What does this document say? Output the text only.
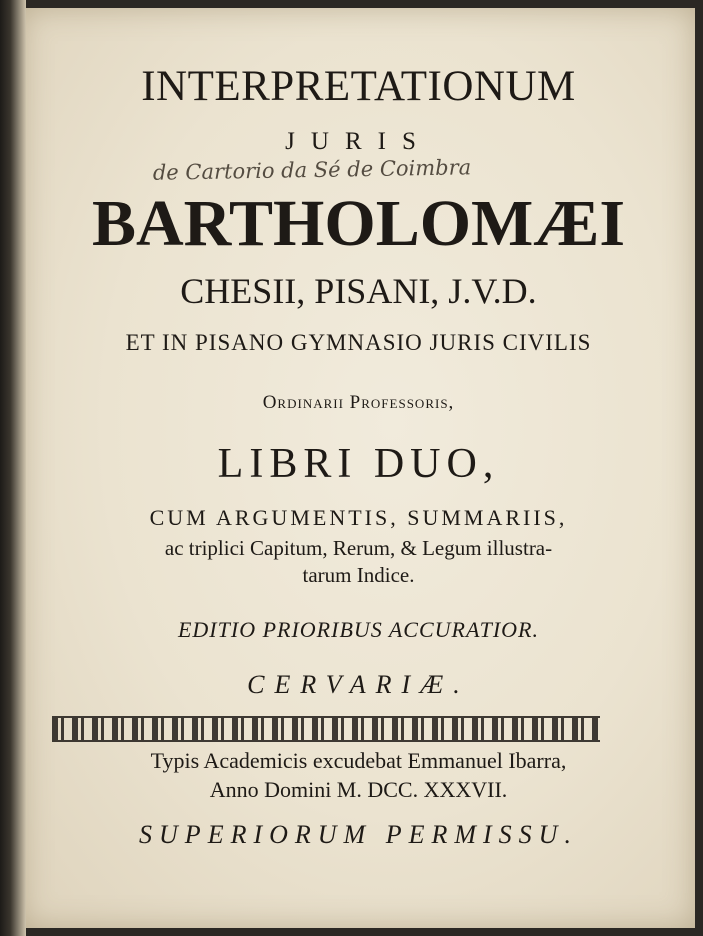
INTERPRETATIONUM
JURIS
de Cartorio da Sé de Coimbra
BARTHOLOMÆI
CHESII, PISANI, J.V.D.
ET IN PISANO GYMNASIO JURIS CIVILIS
Ordinarii Professoris,
LIBRI DUO,
CUM ARGUMENTIS, SUMMARIIS,
ac triplici Capitum, Rerum, & Legum illustra-
tarum Indice.
EDITIO PRIORIBUS ACCURATIOR.
CERVARIÆ.
Typis Academicis excudebat Emmanuel Ibarra,
Anno Domini M. DCC. XXXVII.
SUPERIORUM PERMISSU.
